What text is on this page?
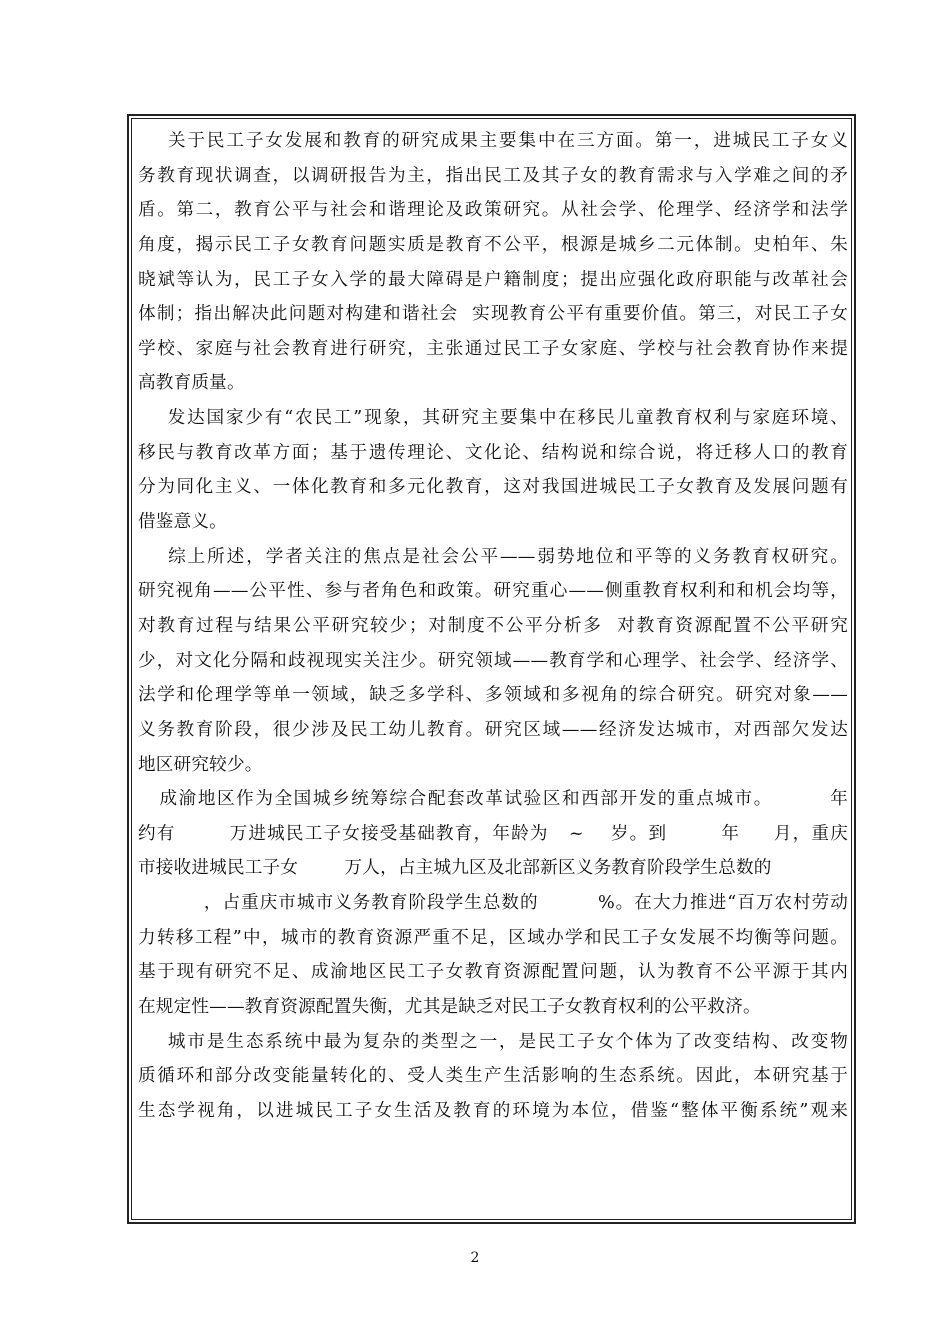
关于民工子女发展和教育的研究成果主要集中在三方面。第一，进城民工子女义
务教育现状调查，以调研报告为主，指出民工及其子女的教育需求与入学难之间的矛
盾。第二，教育公平与社会和谐理论及政策研究。从社会学、伦理学、经济学和法学
角度，揭示民工子女教育问题实质是教育不公平，根源是城乡二元体制。史柏年、朱
晓斌等认为，民工子女入学的最大障碍是户籍制度；提出应强化政府职能与改革社会
体制；指出解决此问题对构建和谐社会  实现教育公平有重要价值。第三，对民工子女
学校、家庭与社会教育进行研究，主张通过民工子女家庭、学校与社会教育协作来提
高教育质量。
发达国家少有“农民工”现象，其研究主要集中在移民儿童教育权利与家庭环境、
移民与教育改革方面；基于遗传理论、文化论、结构说和综合说，将迁移人口的教育
分为同化主义、一体化教育和多元化教育，这对我国进城民工子女教育及发展问题有
借鉴意义。
综上所述，学者关注的焦点是社会公平——弱势地位和平等的义务教育权研究。
研究视角——公平性、参与者角色和政策。研究重心——侧重教育权利和和机会均等，
对教育过程与结果公平研究较少；对制度不公平分析多  对教育资源配置不公平研究
少，对文化分隔和歧视现实关注少。研究领域——教育学和心理学、社会学、经济学、
法学和伦理学等单一领域，缺乏多学科、多领域和多视角的综合研究。研究对象——
义务教育阶段，很少涉及民工幼儿教育。研究区域——经济发达城市，对西部欠发达
地区研究较少。
成渝地区作为全国城乡统筹综合配套改革试验区和西部开发的重点城市。        年
约有        万进城民工子女接受基础教育，年龄为   ~    岁。到        年     月，重庆
市接收进城民工子女        万人，占主城九区及北部新区义务教育阶段学生总数的
，占重庆市城市义务教育阶段学生总数的         %。在大力推进“百万农村劳动
力转移工程”中，城市的教育资源严重不足，区域办学和民工子女发展不均衡等问题。
基于现有研究不足、成渝地区民工子女教育资源配置问题，认为教育不公平源于其内
在规定性——教育资源配置失衡，尤其是缺乏对民工子女教育权利的公平救济。
城市是生态系统中最为复杂的类型之一，是民工子女个体为了改变结构、改变物
质循环和部分改变能量转化的、受人类生产生活影响的生态系统。因此，本研究基于
生态学视角，以进城民工子女生活及教育的环境为本位，借鉴“整体平衡系统”观来
2
